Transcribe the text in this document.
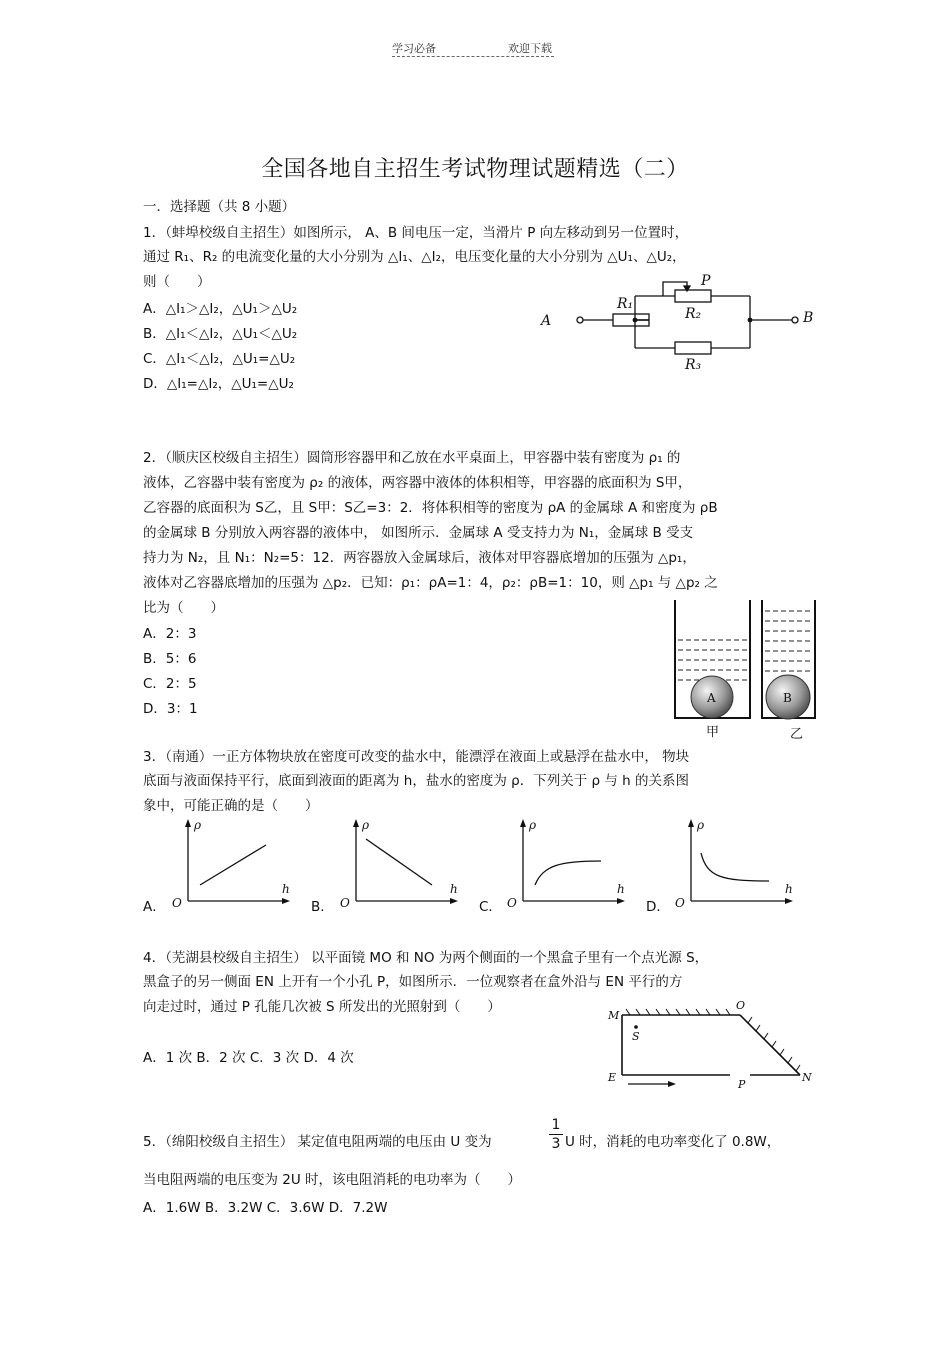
学习必备	欢迎下载
全国各地自主招生考试物理试题精选（二）
一．选择题（共 8 小题）
1．（蚌埠校级自主招生）如图所示， A、B 间电压一定，当滑片 P 向左移动到另一位置时，
通过 R₁、R₂ 的电流变化量的大小分别为 △I₁、△I₂，电压变化量的大小分别为 △U₁、△U₂，
则（　　）
A．△I₁＞△I₂，△U₁＞△U₂
B．△I₁＜△I₂，△U₁＜△U₂
C．△I₁＜△I₂，△U₁=△U₂
D．△I₁=△I₂，△U₁=△U₂
A	B
R₁
R₂
R₃
P
2．（顺庆区校级自主招生）圆筒形容器甲和乙放在水平桌面上，甲容器中装有密度为 ρ₁ 的
液体，乙容器中装有密度为 ρ₂ 的液体，两容器中液体的体积相等，甲容器的底面积为 S甲，
乙容器的底面积为 S乙，且 S甲：S乙=3：2．将体积相等的密度为 ρA 的金属球 A 和密度为 ρB
的金属球 B 分别放入两容器的液体中， 如图所示．金属球 A 受支持力为 N₁，金属球 B 受支
持力为 N₂，且 N₁：N₂=5：12．两容器放入金属球后，液体对甲容器底增加的压强为 △p₁，
液体对乙容器底增加的压强为 △p₂．已知：ρ₁：ρA=1：4，ρ₂：ρB=1：10，则 △p₁ 与 △p₂ 之
比为（　　）
A．2：3
B．5：6
C．2：5
D．3：1
A	B
甲	乙
3．（南通）一正方体物块放在密度可改变的盐水中，能漂浮在液面上或悬浮在盐水中， 物块
底面与液面保持平行，底面到液面的距离为 h，盐水的密度为 ρ．下列关于 ρ 与 h 的关系图
象中，可能正确的是（　　）
A． O
ρ
h
B． O
ρ
h
C． O
ρ
h
D． O
ρ
h
4．（芜湖县校级自主招生） 以平面镜 MO 和 NO 为两个侧面的一个黑盒子里有一个点光源 S，
黑盒子的另一侧面 EN 上开有一个小孔 P，如图所示．一位观察者在盒外沿与 EN 平行的方
向走过时，通过 P 孔能几次被 S 所发出的光照射到（　　）
A．1 次 B．2 次 C．3 次 D．4 次
M
O
S
E
P
N
5．（绵阳校级自主招生） 某定值电阻两端的电压由 U 变为
1
3 U 时，消耗的电功率变化了 0.8W，
当电阻两端的电压变为 2U 时，该电阻消耗的电功率为（　　）
A．1.6W B．3.2W C．3.6W D．7.2W
